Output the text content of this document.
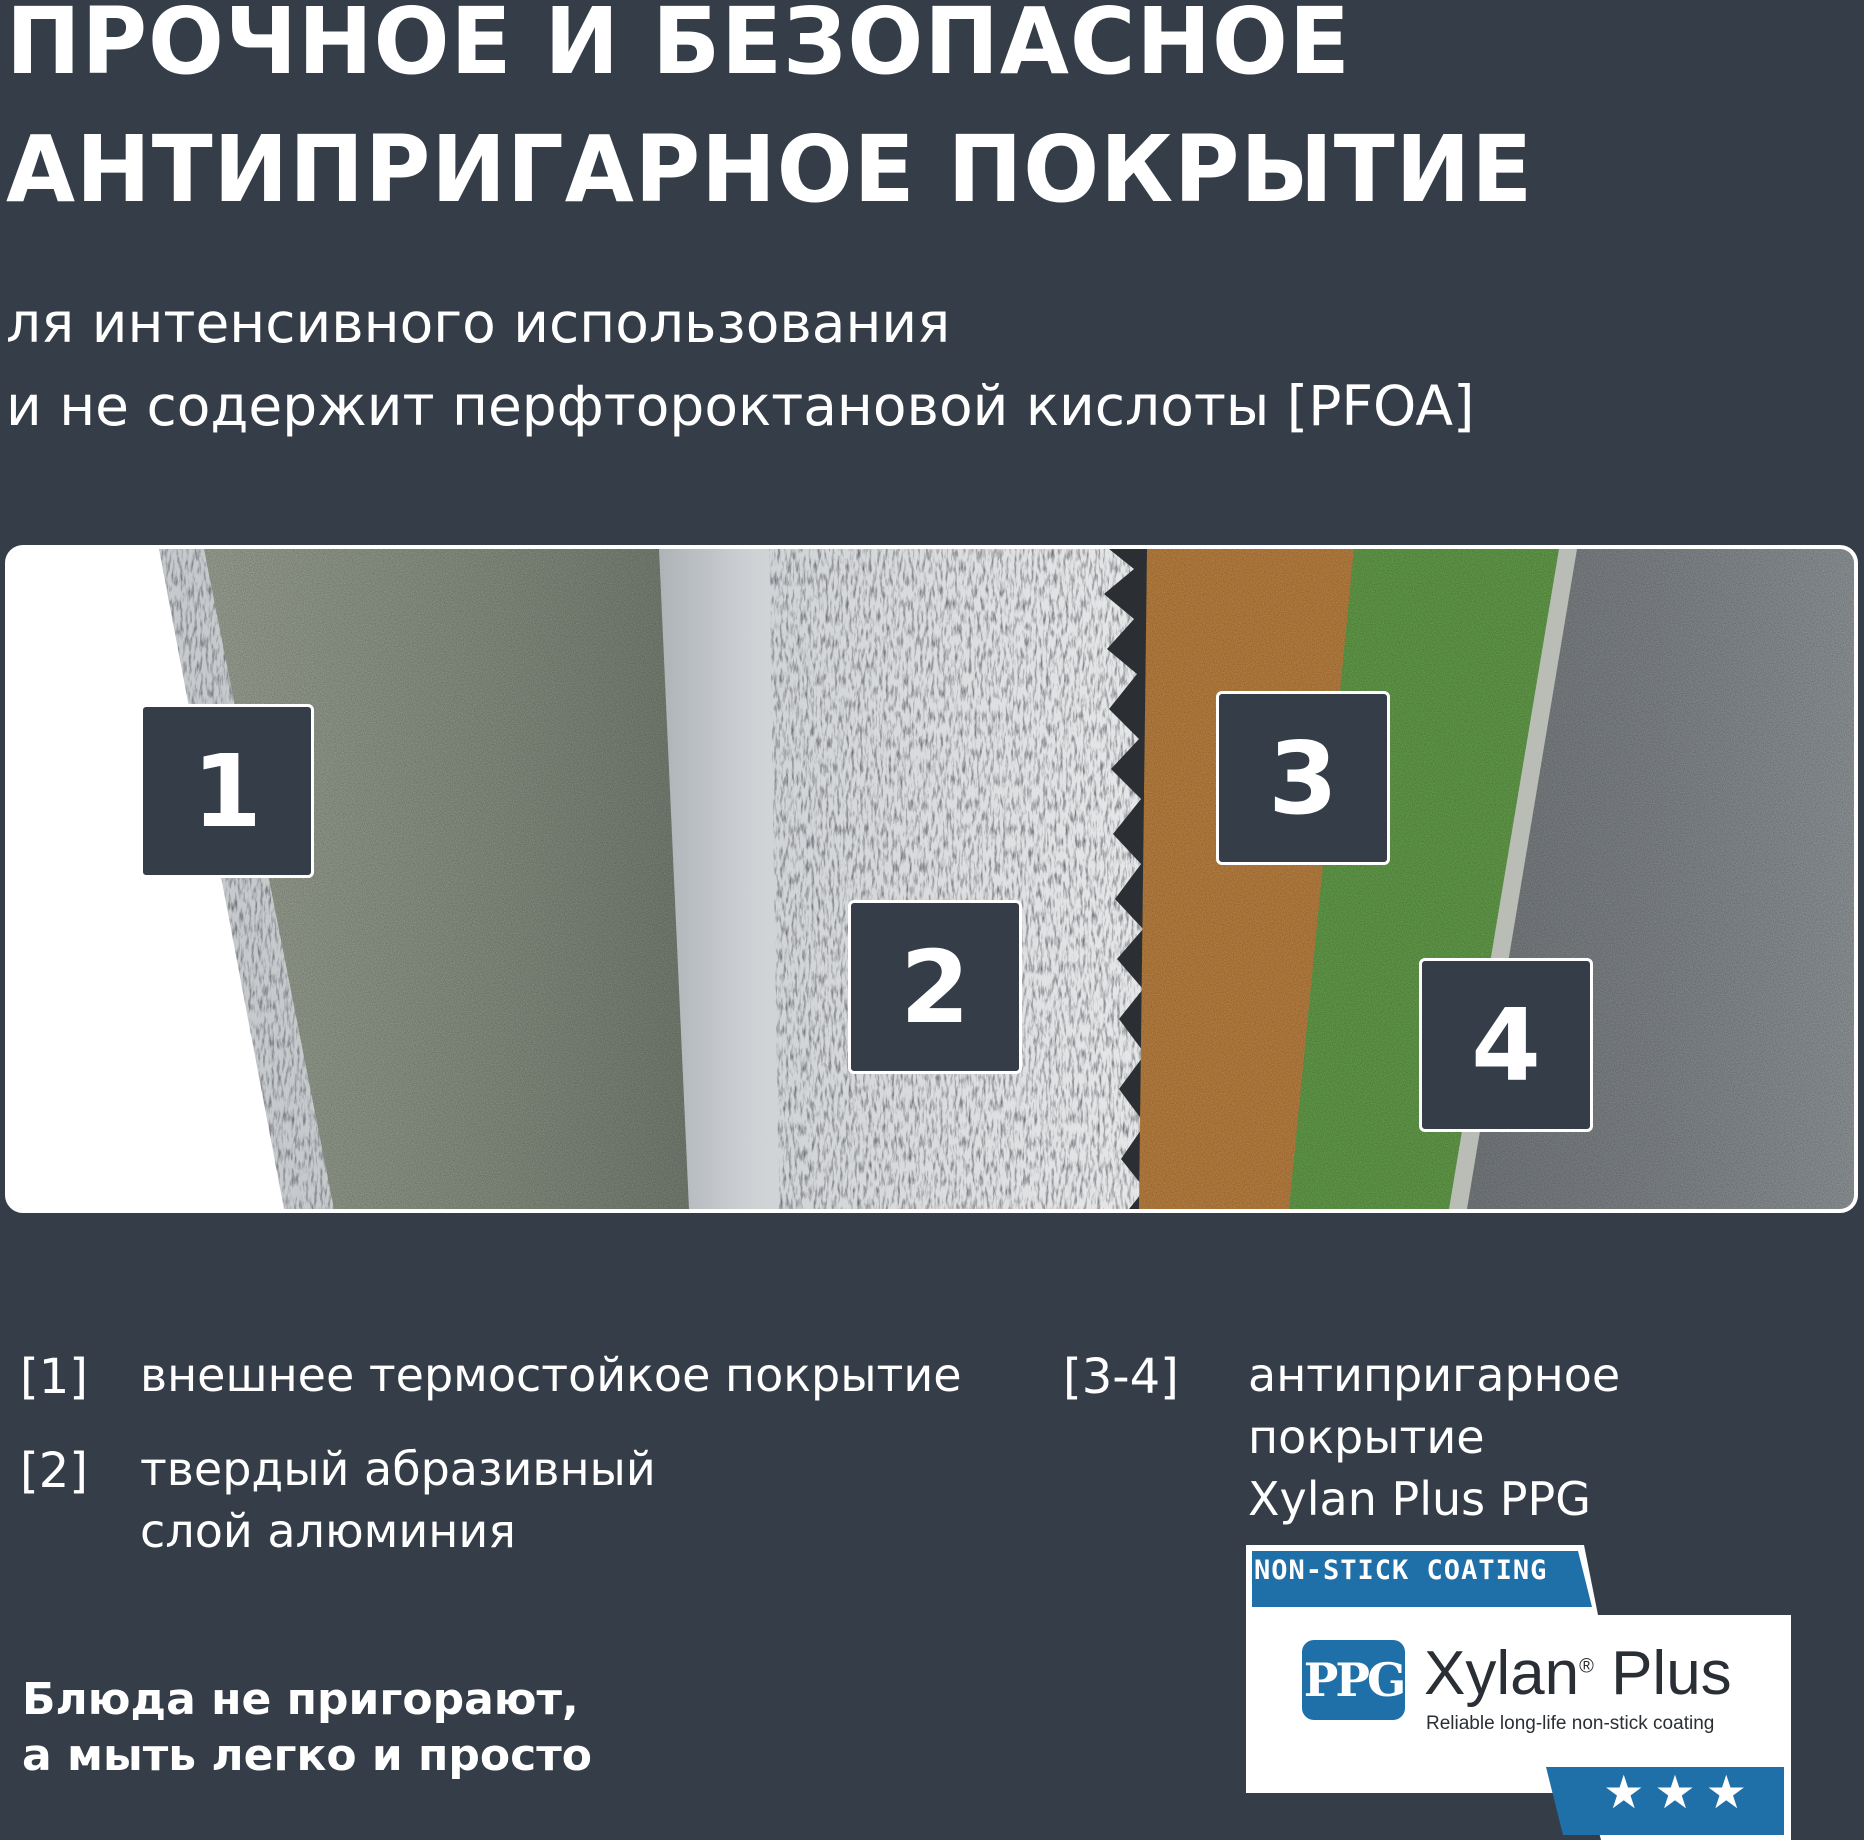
ПРОЧНОЕ И БЕЗОПАСНОЕ
АНТИПРИГАРНОЕ ПОКРЫТИЕ
ля интенсивного использования
и не содержит перфтороктановой кислоты [PFOA]
1
2
3
4
[1] внешнее термостойкое покрытие
[2] твердый абразивный
слой алюминия
[3-4] антипригарное покрытие
Xylan Plus PPG
Блюда не пригорают,
а мыть легко и просто
NON-STICK COATING
PPG Xylan® Plus
Reliable long-life non-stick coating
★★★
